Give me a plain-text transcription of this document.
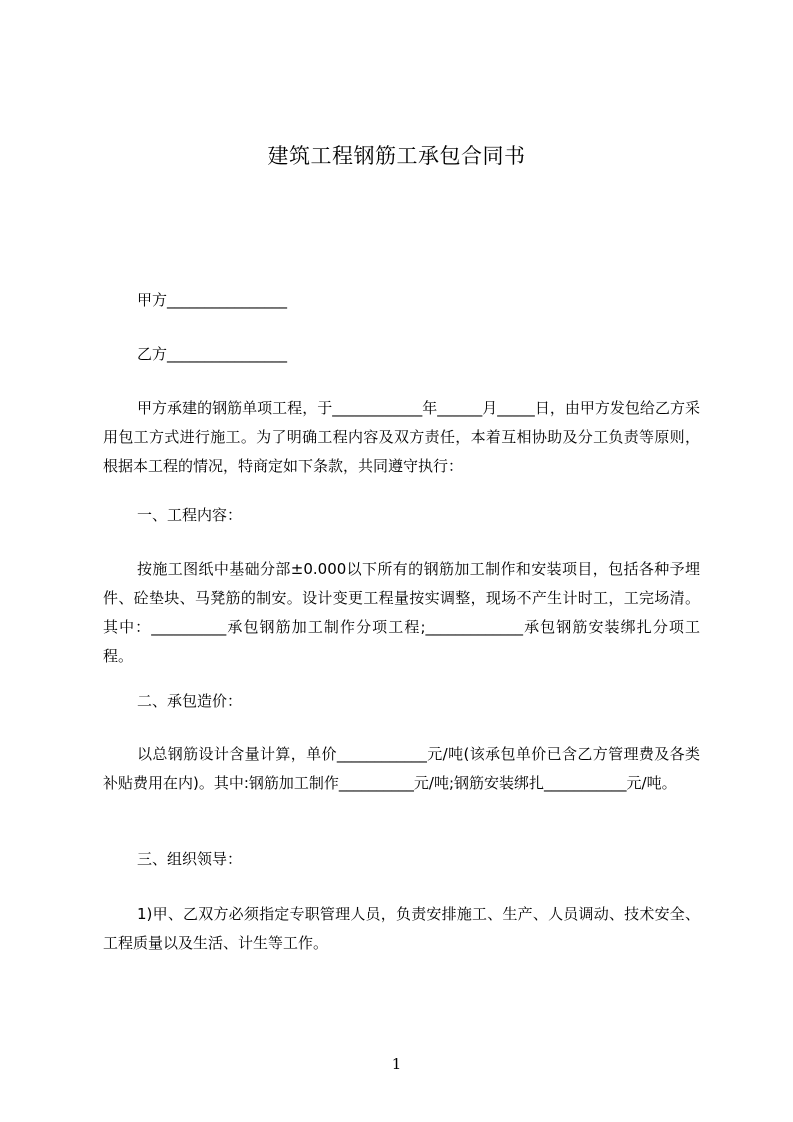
建筑工程钢筋工承包合同书

甲方________________

乙方________________

甲方承建的钢筋单项工程，于____________年______月_____日，由甲方发包给乙方采用包工方式进行施工。为了明确工程内容及双方责任，本着互相协助及分工负责等原则，根据本工程的情况，特商定如下条款，共同遵守执行：

一、工程内容：

按施工图纸中基础分部±0.000以下所有的钢筋加工制作和安装项目，包括各种予埋件、砼垫块、马凳筋的制安。设计变更工程量按实调整，现场不产生计时工，工完场清。其中：__________承包钢筋加工制作分项工程;_____________承包钢筋安装绑扎分项工程。

二、承包造价：

以总钢筋设计含量计算，单价____________元/吨(该承包单价已含乙方管理费及各类补贴费用在内)。其中:钢筋加工制作__________元/吨;钢筋安装绑扎___________元/吨。

三、组织领导：

1)甲、乙双方必须指定专职管理人员，负责安排施工、生产、人员调动、技术安全、工程质量以及生活、计生等工作。

1
